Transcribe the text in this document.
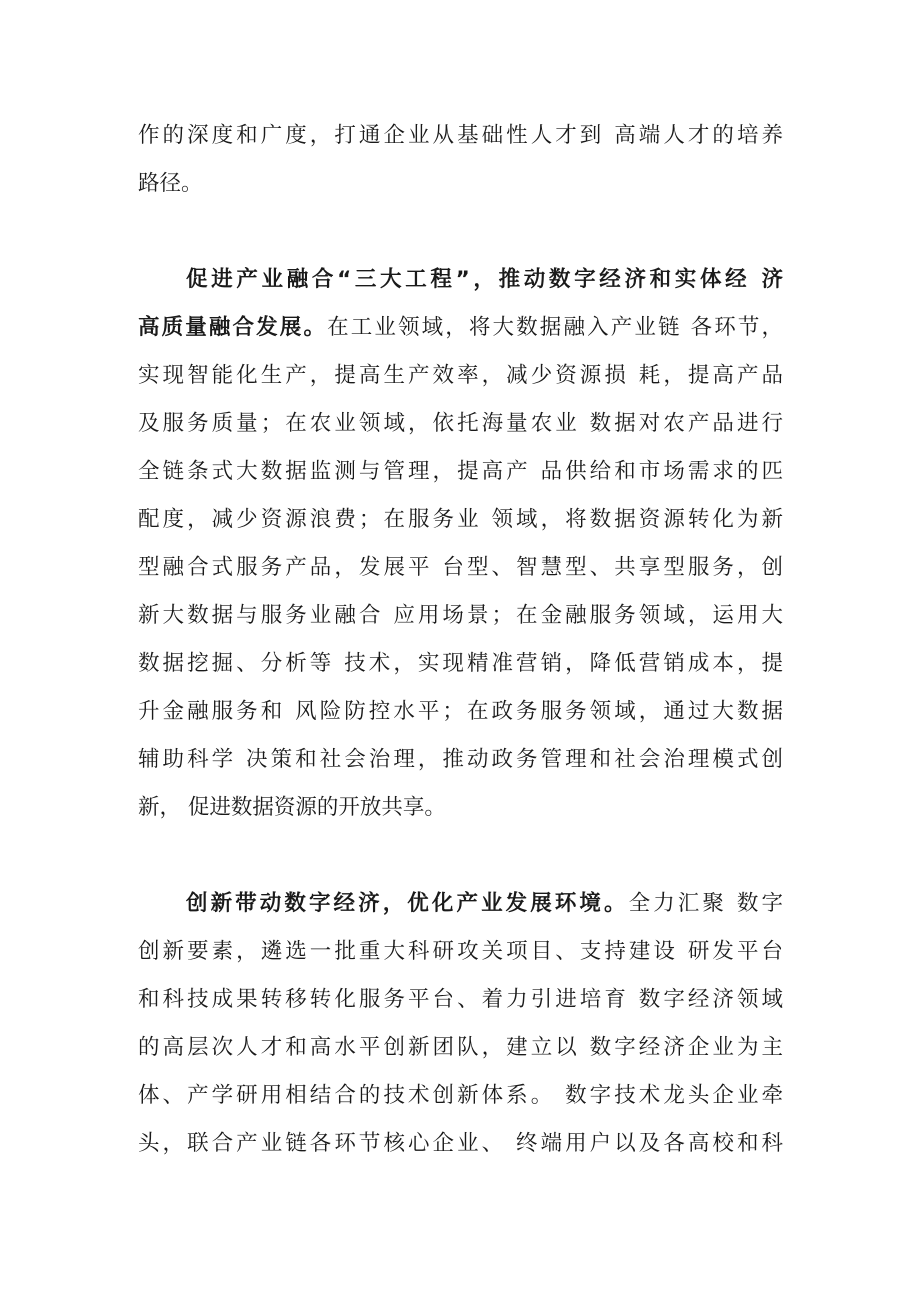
作的深度和广度，打通企业从基础性人才到 高端人才的培养
路径。
促进产业融合“三大工程”，推动数字经济和实体经 济
高质量融合发展。在工业领域，将大数据融入产业链 各环节，
实现智能化生产，提高生产效率，减少资源损 耗，提高产品
及服务质量；在农业领域，依托海量农业 数据对农产品进行
全链条式大数据监测与管理，提高产 品供给和市场需求的匹
配度，减少资源浪费；在服务业 领域，将数据资源转化为新
型融合式服务产品，发展平 台型、智慧型、共享型服务，创
新大数据与服务业融合 应用场景；在金融服务领域，运用大
数据挖掘、分析等 技术，实现精准营销，降低营销成本，提
升金融服务和 风险防控水平；在政务服务领域，通过大数据
辅助科学 决策和社会治理，推动政务管理和社会治理模式创
新， 促进数据资源的开放共享。
创新带动数字经济，优化产业发展环境。全力汇聚 数字
创新要素，遴选一批重大科研攻关项目、支持建设 研发平台
和科技成果转移转化服务平台、着力引进培育 数字经济领域
的高层次人才和高水平创新团队，建立以 数字经济企业为主
体、产学研用相结合的技术创新体系。 数字技术龙头企业牵
头，联合产业链各环节核心企业、 终端用户以及各高校和科
